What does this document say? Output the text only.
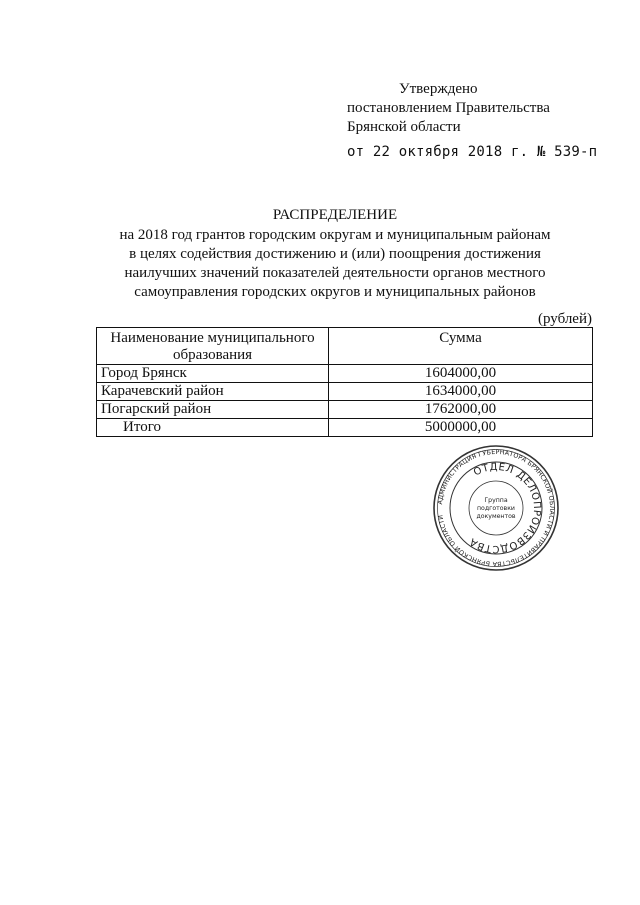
Утверждено
постановлением Правительства
Брянской области
от 22 октября 2018 г. № 539-п
РАСПРЕДЕЛЕНИЕ
на 2018 год грантов городским округам и муниципальным районам
в целях содействия достижению и (или) поощрения достижения
наилучших значений показателей деятельности органов местного
самоуправления городских округов и муниципальных районов
(рублей)
Наименование муниципального образования	Сумма
Город Брянск	1604000,00
Карачевский район	1634000,00
Погарский район	1762000,00
Итого	5000000,00
АДМИНИСТРАЦИЯ ГУБЕРНАТОРА БРЯНСКОЙ ОБЛАСТИ И ПРАВИТЕЛЬСТВА БРЯНСКОЙ ОБЛАСТИ
ОТДЕЛ ДЕЛОПРОИЗВОДСТВА
Группа
подготовки
документов
